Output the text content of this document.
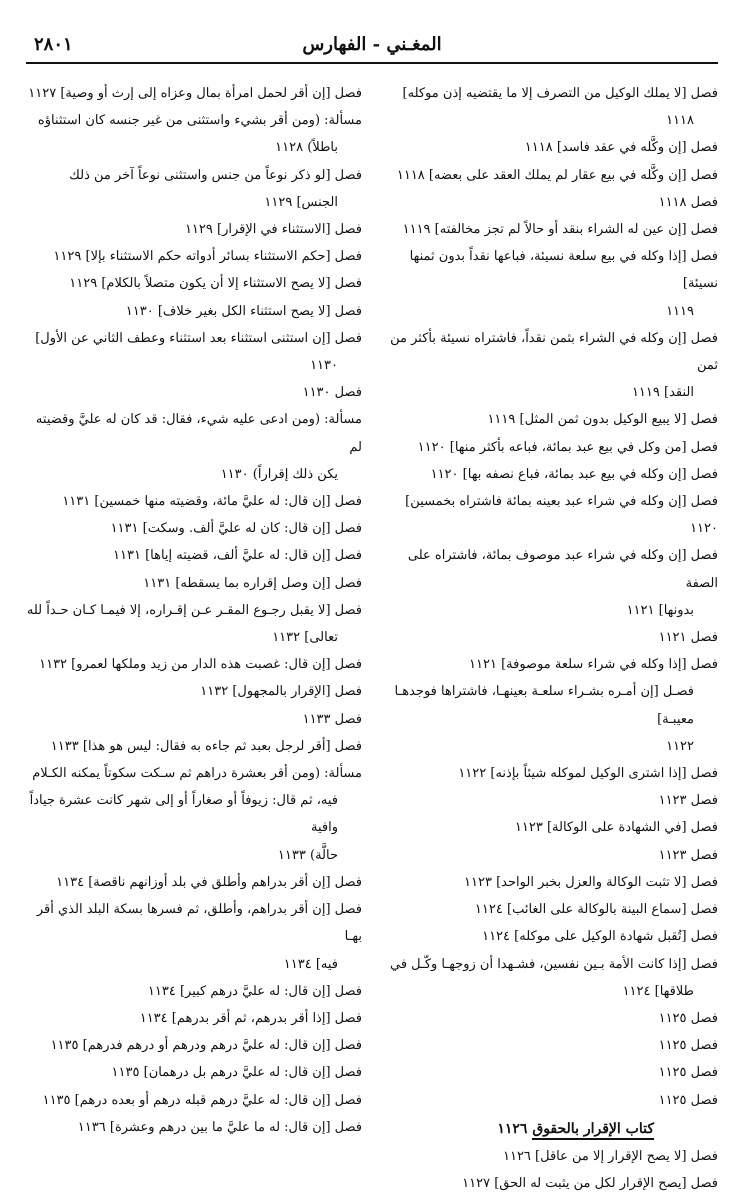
المغـني - الفهارس
٢٨٠١
فصل [لا يملك الوكيل من التصرف إلا ما يقتضيه إذن موكله]
١١١٨
فصل [إن وكَّله في عقد فاسد] ١١١٨
فصل [إن وكَّله في بيع عقار لم يملك العقد على بعضه] ١١١٨
فصل ١١١٨
فصل [إن عين له الشراء بنقد أو حالاً لم تجز مخالفته] ١١١٩
فصل [إذا وكله في بيع سلعة نسيئة، فباعها نقداً بدون ثمنها نسيئة]
١١١٩
فصل [إن وكله في الشراء بثمن نقداً، فاشتراه نسيئة بأكثر من ثمن
النقد] ١١١٩
فصل [لا يبيع الوكيل بدون ثمن المثل] ١١١٩
فصل [من وكل في بيع عبد بمائة، فباعه بأكثر منها] ١١٢٠
فصل [إن وكله في بيع عبد بمائة، فباع نصفه بها] ١١٢٠
فصل [إن وكله في شراء عبد بعينه بمائة فاشتراه بخمسين] ١١٢٠
فصل [إن وكله في شراء عبد موصوف بمائة، فاشتراه على الصفة
بدونها] ١١٢١
فصل ١١٢١
فصل [إذا وكله في شراء سلعة موصوفة] ١١٢١
فصـل [إن أمـره بشـراء سلعـة بعينهـا، فاشتراها فوجدهـا معيبـة]
١١٢٢
فصل [إذا اشترى الوكيل لموكله شيئاً بإذنه] ١١٢٢
فصل ١١٢٣
فصل [في الشهادة على الوكالة] ١١٢٣
فصل ١١٢٣
فصل [لا تثبت الوكالة والعزل بخبر الواحد] ١١٢٣
فصل [سماع البينة بالوكالة على الغائب] ١١٢٤
فصل [تُقبل شهادة الوكيل على موكله] ١١٢٤
فصل [إذا كانت الأمة بـين نفسين، فشـهدا أن زوجهـا وكّـل في
طلاقها] ١١٢٤
فصل ١١٢٥
فصل ١١٢٥
فصل ١١٢٥
فصل ١١٢٥
كتاب الإقرار بالحقوق ١١٢٦
فصل [لا يصح الإقرار إلا من عاقل] ١١٢٦
فصل [يصح الإقرار لكل من يثبت له الحق] ١١٢٧
فصل [إن أقر لحمل امرأة بمال وعزاه إلى إرث أو وصية] ١١٢٧
مسألة: (ومن أقر بشيء واستثنى من غير جنسه كان استثناؤه
باطلاً) ١١٢٨
فصل [لو ذكر نوعاً من جنس واستثنى نوعاً آخر من ذلك
الجنس] ١١٢٩
فصل [الاستثناء في الإقرار] ١١٢٩
فصل [حكم الاستثناء بسائر أدواته حكم الاستثناء بإلا] ١١٢٩
فصل [لا يصح الاستثناء إلا أن يكون متصلاً بالكلام] ١١٢٩
فصل [لا يصح استثناء الكل بغير خلاف] ١١٣٠
فصل [إن استثنى استثناء بعد استثناء وعطف الثاني عن الأول]
١١٣٠
فصل ١١٣٠
مسألة: (ومن ادعى عليه شيء، فقال: قد كان له عليَّ وقضيته لم
يكن ذلك إقراراً) ١١٣٠
فصل [إن قال: له عليَّ مائة، وقضيته منها خمسين] ١١٣١
فصل [إن قال: كان له عليَّ ألف. وسكت] ١١٣١
فصل [إن قال: له عليَّ ألف، قضيته إياها] ١١٣١
فصل [إن وصل إقراره بما يسقطه] ١١٣١
فصل [لا يقبل رجـوع المقـر عـن إقـراره، إلا فيمـا كـان حـداً لله
تعالى] ١١٣٢
فصل [إن قال: غصبت هذه الدار من زيد وملكها لعمرو] ١١٣٢
فصل [الإقرار بالمجهول] ١١٣٢
فصل ١١٣٣
فصل [أقر لرجل بعبد ثم جاءه به فقال: ليس هو هذا] ١١٣٣
مسألة: (ومن أقر بعشرة دراهم ثم سـكت سكوتاً يمكنه الكـلام
فيه، ثم قال: زيوفاً أو صغاراً أو إلى شهر كانت عشرة جياداً وافية
حالَّة) ١١٣٣
فصل [إن أقر بدراهم وأطلق في بلد أوزانهم ناقصة] ١١٣٤
فصل [إن أقر بدراهم، وأطلق، ثم فسرها بسكة البلد الذي أقر بهـا
فيه] ١١٣٤
فصل [إن قال: له عليَّ درهم كبير] ١١٣٤
فصل [إذا أقر بدرهم، ثم أقر بدرهم] ١١٣٤
فصل [إن قال: له عليَّ درهم ودرهم أو درهم فدرهم] ١١٣٥
فصل [إن قال: له عليَّ درهم بل درهمان] ١١٣٥
فصل [إن قال: له عليَّ درهم قبله درهم أو بعده درهم] ١١٣٥
فصل [إن قال: له ما عليَّ ما بين درهم وعشرة] ١١٣٦
